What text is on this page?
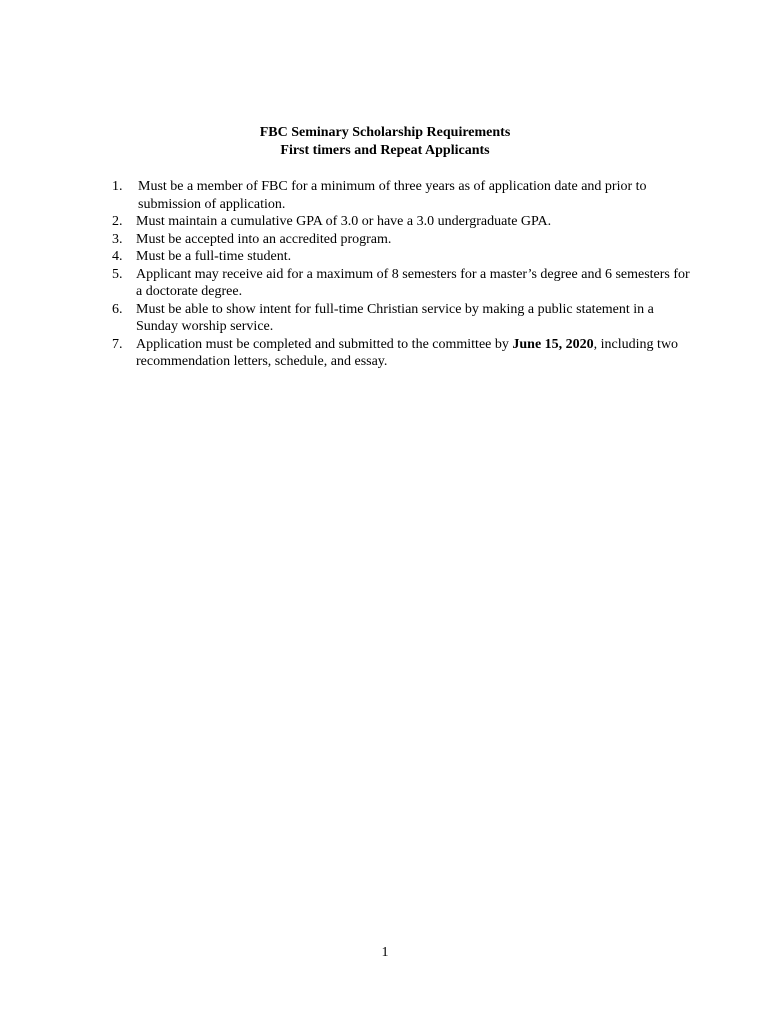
FBC Seminary Scholarship Requirements
First timers and Repeat Applicants
1. Must be a member of FBC for a minimum of three years as of application date and prior to submission of application.
2. Must maintain a cumulative GPA of 3.0 or have a 3.0 undergraduate GPA.
3. Must be accepted into an accredited program.
4. Must be a full-time student.
5. Applicant may receive aid for a maximum of 8 semesters for a master’s degree and 6 semesters for a doctorate degree.
6. Must be able to show intent for full-time Christian service by making a public statement in a Sunday worship service.
7. Application must be completed and submitted to the committee by June 15, 2020, including two recommendation letters, schedule, and essay.
1
